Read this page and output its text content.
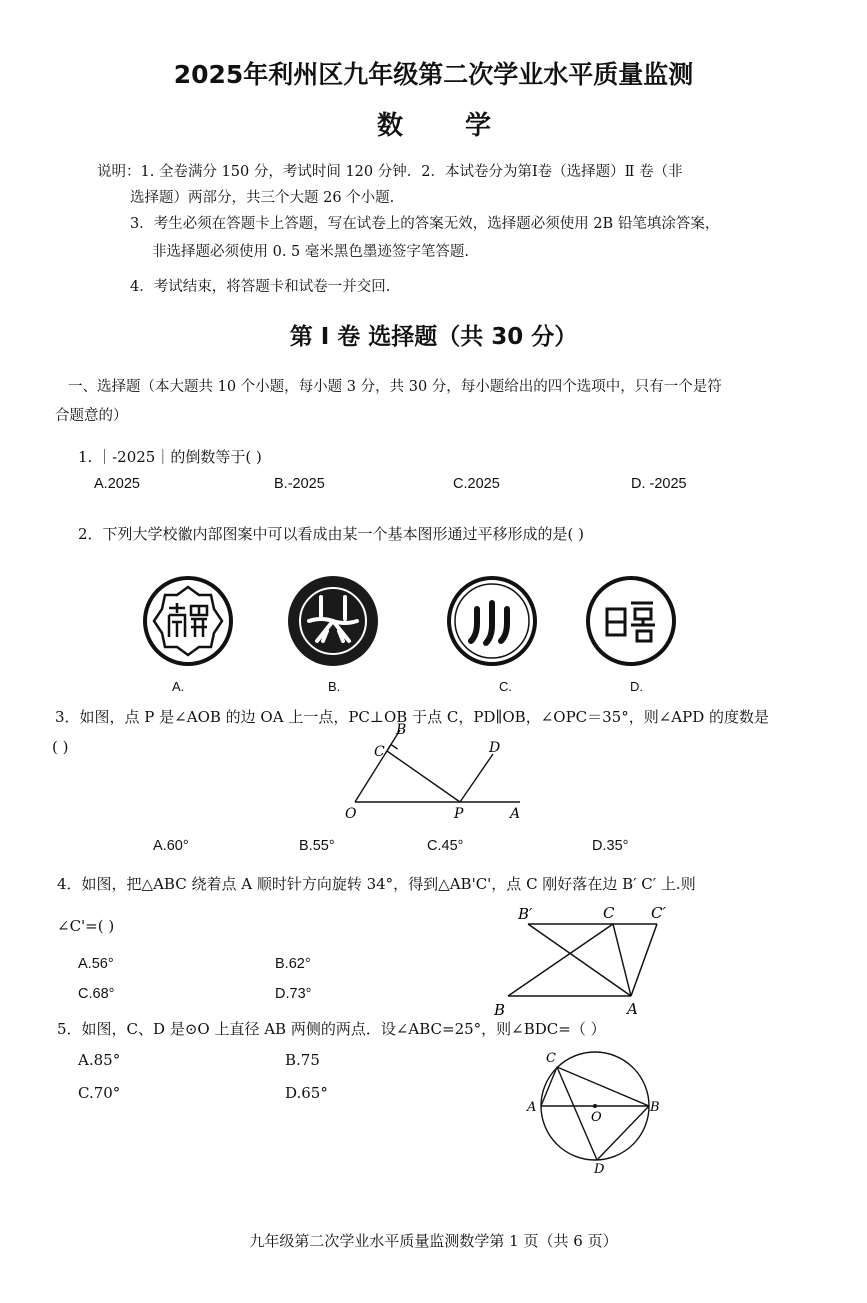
2025年利州区九年级第二次学业水平质量监测
数 学
说明：1. 全卷满分 150 分，考试时间 120 分钟．2．本试卷分为第Ⅰ卷（选择题）Ⅱ 卷（非
选择题）两部分，共三个大题 26 个小题.
3．考生必须在答题卡上答题，写在试卷上的答案无效，选择题必须使用 2B 铅笔填涂答案，
非选择题必须使用 0. 5 毫米黑色墨迹签字笔答题.
4．考试结束，将答题卡和试卷一并交回.
第 I 卷 选择题（共 30 分）
一、选择题（本大题共 10 个小题，每小题 3 分，共 30 分，每小题给出的四个选项中，只有一个是符
合题意的）
1. ｜-2025｜的倒数等于( )
A.2025	B.-2025	C.2025	D. -2025
2．下列大学校徽内部图案中可以看成由某一个基本图形通过平移形成的是( )
A.	B.	C.	D.
3．如图，点 P 是∠AOB 的边 OA 上一点，PC⊥OB 于点 C，PD∥OB，∠OPC＝35°，则∠APD 的度数是
( )
B
C	D
O	P	A
A.60°	B.55°	C.45°	D.35°
4．如图，把△ABC 绕着点 A 顺时针方向旋转 34°，得到△AB'C'，点 C 刚好落在边 B′ C′ 上.则
∠C'=( )
A.56°	B.62°
C.68°	D.73°
B′	C C′
B	A
5．如图，C、D 是⊙O 上直径 AB 两侧的两点．设∠ABC=25°，则∠BDC=（ ）
A.85°	B.75
C.70°	D.65°
C
A
O
B
D
九年级第二次学业水平质量监测数学第 1 页（共 6 页）
